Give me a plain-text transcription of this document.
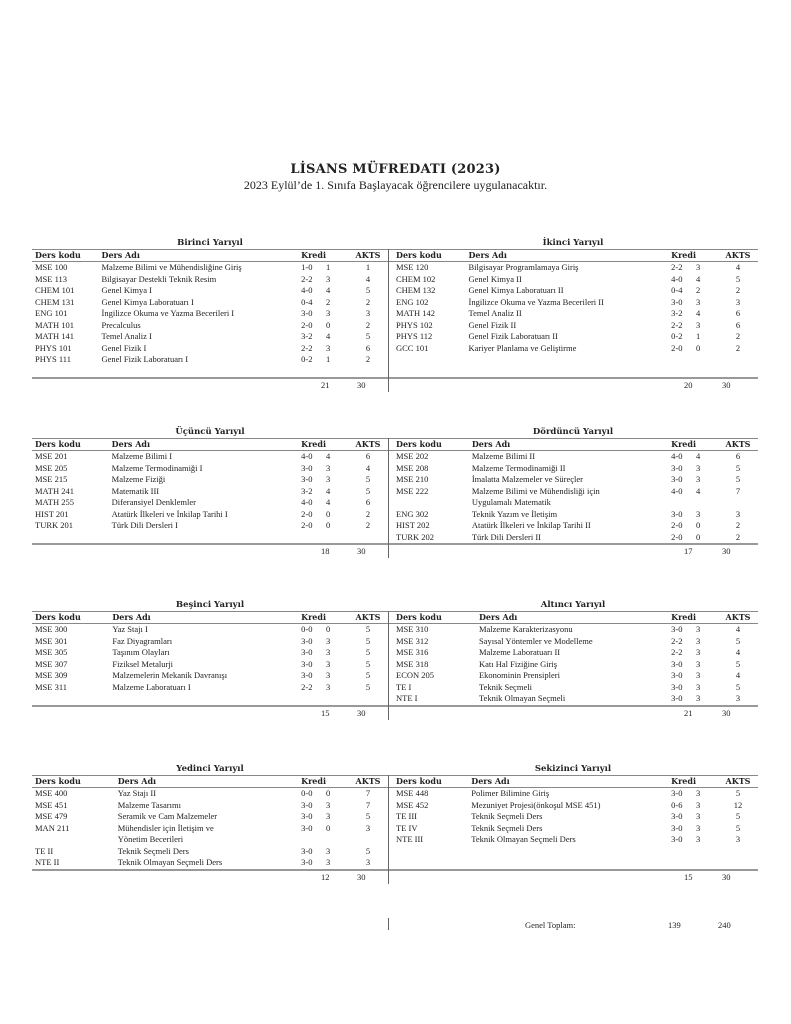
LİSANS MÜFREDATI (2023)
2023 Eylül’de 1. Sınıfa Başlayacak öğrencilere uygulanacaktır.
Birinci Yarıyıl
Ders kodu	Ders Adı	Kredi		AKTS
MSE 100	Malzeme Bilimi ve Mühendisliğine Giriş	1-0	1	1
MSE 113	Bilgisayar Destekli Teknik Resim	2-2	3	4
CHEM 101	Genel Kimya I	4-0	4	5
CHEM 131	Genel Kimya Laboratuarı I	0-4	2	2
ENG 101	İngilizce Okuma ve Yazma Becerileri I	3-0	3	3
MATH 101	Precalculus	2-0	0	2
MATH 141	Temel Analiz I	3-2	4	5
PHYS 101	Genel Fizik I	2-2	3	6
PHYS 111	Genel Fizik Laboratuarı I	0-2	1	2
İkinci Yarıyıl
Ders kodu	Ders Adı	Kredi		AKTS
MSE 120	Bilgisayar Programlamaya Giriş	2-2	3	4
CHEM 102	Genel Kimya II	4-0	4	5
CHEM 132	Genel Kimya Laboratuarı II	0-4	2	2
ENG 102	İngilizce Okuma ve Yazma Becerileri II	3-0	3	3
MATH 142	Temel Analiz II	3-2	4	6
PHYS 102	Genel Fizik II	2-2	3	6
PHYS 112	Genel Fizik Laboratuarı II	0-2	1	2
GCC 101	Kariyer Planlama ve Geliştirme	2-0	0	2
21	30	20	30
Üçüncü Yarıyıl
Ders kodu	Ders Adı	Kredi		AKTS
MSE 201	Malzeme Bilimi I	4-0	4	6
MSE 205	Malzeme Termodinamiği I	3-0	3	4
MSE 215	Malzeme Fiziği	3-0	3	5
MATH 241	Matematik III	3-2	4	5
MATH 255	Diferansiyel Denklemler	4-0	4	6
HIST 201	Atatürk İlkeleri ve İnkilap Tarihi I	2-0	0	2
TURK 201	Türk Dili Dersleri I	2-0	0	2
Dördüncü Yarıyıl
Ders kodu	Ders Adı	Kredi		AKTS
MSE 202	Malzeme Bilimi II	4-0	4	6
MSE 208	Malzeme Termodinamiği II	3-0	3	5
MSE 210	İmalatta Malzemeler ve Süreçler	3-0	3	5
MSE 222	Malzeme Bilimi ve Mühendisliği için	4-0	4	7
	Uygulamalı Matematik			
ENG 302	Teknik Yazım ve İletişim	3-0	3	3
HIST 202	Atatürk İlkeleri ve İnkilap Tarihi II	2-0	0	2
TURK 202	Türk Dili Dersleri II	2-0	0	2
18	30	17	30
Beşinci Yarıyıl
Ders kodu	Ders Adı	Kredi		AKTS
MSE 300	Yaz Stajı I	0-0	0	5
MSE 301	Faz Diyagramları	3-0	3	5
MSE 305	Taşınım Olayları	3-0	3	5
MSE 307	Fiziksel Metalurji	3-0	3	5
MSE 309	Malzemelerin Mekanik Davranışı	3-0	3	5
MSE 311	Malzeme Laboratuarı I	2-2	3	5
Altıncı Yarıyıl
Ders kodu	Ders Adı	Kredi		AKTS
MSE 310	Malzeme Karakterizasyonu	3-0	3	4
MSE 312	Sayısal Yöntemler ve Modelleme	2-2	3	5
MSE 316	Malzeme Laboratuarı II	2-2	3	4
MSE 318	Katı Hal Fiziğine Giriş	3-0	3	5
ECON 205	Ekonominin Prensipleri	3-0	3	4
TE I	Teknik Seçmeli	3-0	3	5
NTE I	Teknik Olmayan Seçmeli	3-0	3	3
15	30	21	30
Yedinci Yarıyıl
Ders kodu	Ders Adı	Kredi		AKTS
MSE 400	Yaz Stajı II	0-0	0	7
MSE 451	Malzeme Tasarımı	3-0	3	7
MSE 479	Seramik ve Cam Malzemeler	3-0	3	5
MAN 211	Mühendisler için İletişim ve	3-0	0	3
	Yönetim Becerileri			
TE II	Teknik Seçmeli Ders	3-0	3	5
NTE II	Teknik Olmayan Seçmeli Ders	3-0	3	3
Sekizinci Yarıyıl
Ders kodu	Ders Adı	Kredi		AKTS
MSE 448	Polimer Bilimine Giriş	3-0	3	5
MSE 452	Mezuniyet Projesi(önkoşul MSE 451)	0-6	3	12
TE III	Teknik Seçmeli Ders	3-0	3	5
TE IV	Teknik Seçmeli Ders	3-0	3	5
NTE III	Teknik Olmayan Seçmeli Ders	3-0	3	3
12	30	15	30
Genel Toplam:	139	240
